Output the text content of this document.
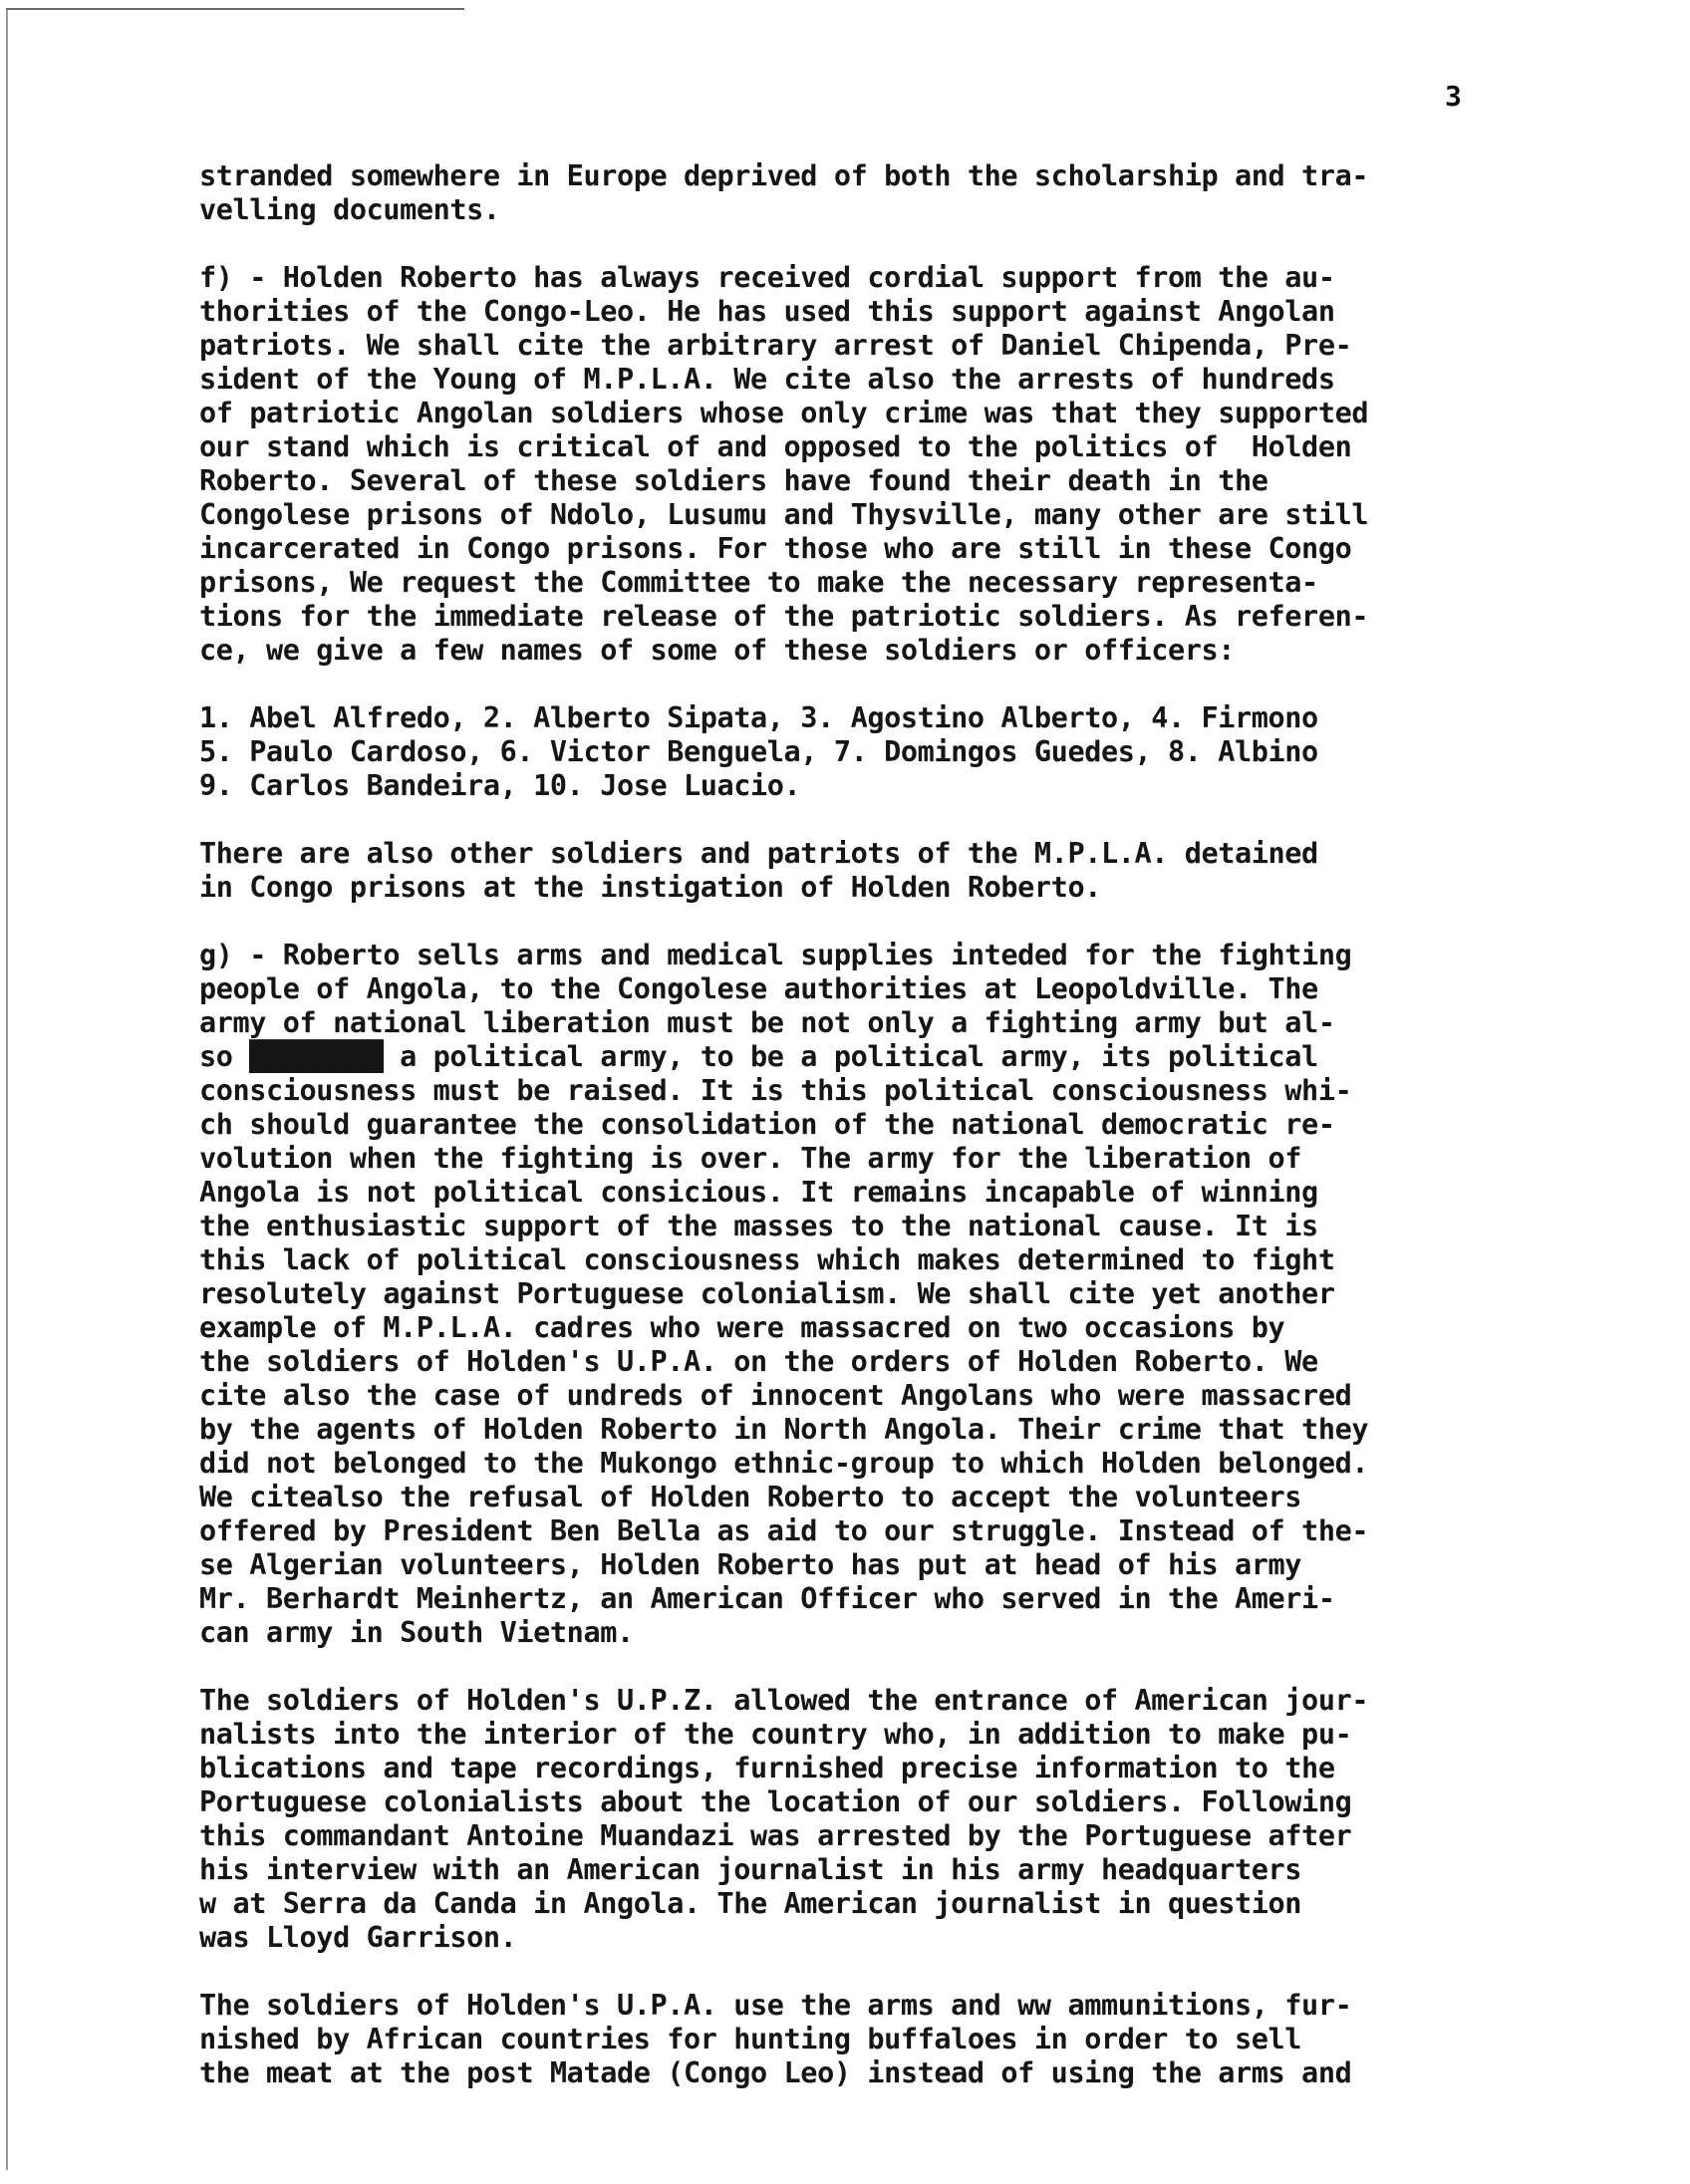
3
stranded somewhere in Europe deprived of both the scholarship and tra-
velling documents.
f) - Holden Roberto has always received cordial support from the au-
thorities of the Congo-Leo. He has used this support against Angolan
patriots. We shall cite the arbitrary arrest of Daniel Chipenda, Pre-
sident of the Young of M.P.L.A. We cite also the arrests of hundreds
of patriotic Angolan soldiers whose only crime was that they supported
our stand which is critical of and opposed to the politics of  Holden
Roberto. Several of these soldiers have found their death in the
Congolese prisons of Ndolo, Lusumu and Thysville, many other are still
incarcerated in Congo prisons. For those who are still in these Congo
prisons, We request the Committee to make the necessary representa-
tions for the immediate release of the patriotic soldiers. As referen-
ce, we give a few names of some of these soldiers or officers:
1. Abel Alfredo, 2. Alberto Sipata, 3. Agostino Alberto, 4. Firmono
5. Paulo Cardoso, 6. Victor Benguela, 7. Domingos Guedes, 8. Albino
9. Carlos Bandeira, 10. Jose Luacio.
There are also other soldiers and patriots of the M.P.L.A. detained
in Congo prisons at the instigation of Holden Roberto.
g) - Roberto sells arms and medical supplies inteded for the fighting
people of Angola, to the Congolese authorities at Leopoldville. The
army of national liberation must be not only a fighting army but al-
so ████████ a political army, to be a political army, its political
consciousness must be raised. It is this political consciousness whi-
ch should guarantee the consolidation of the national democratic re-
volution when the fighting is over. The army for the liberation of
Angola is not political consicious. It remains incapable of winning
the enthusiastic support of the masses to the national cause. It is
this lack of political consciousness which makes determined to fight
resolutely against Portuguese colonialism. We shall cite yet another
example of M.P.L.A. cadres who were massacred on two occasions by
the soldiers of Holden's U.P.A. on the orders of Holden Roberto. We
cite also the case of undreds of innocent Angolans who were massacred
by the agents of Holden Roberto in North Angola. Their crime that they
did not belonged to the Mukongo ethnic-group to which Holden belonged.
We citealso the refusal of Holden Roberto to accept the volunteers
offered by President Ben Bella as aid to our struggle. Instead of the-
se Algerian volunteers, Holden Roberto has put at head of his army
Mr. Berhardt Meinhertz, an American Officer who served in the Ameri-
can army in South Vietnam.
The soldiers of Holden's U.P.Z. allowed the entrance of American jour-
nalists into the interior of the country who, in addition to make pu-
blications and tape recordings, furnished precise information to the
Portuguese colonialists about the location of our soldiers. Following
this commandant Antoine Muandazi was arrested by the Portuguese after
his interview with an American journalist in his army headquarters
w at Serra da Canda in Angola. The American journalist in question
was Lloyd Garrison.
The soldiers of Holden's U.P.A. use the arms and ww ammunitions, fur-
nished by African countries for hunting buffaloes in order to sell
the meat at the post Matade (Congo Leo) instead of using the arms and
